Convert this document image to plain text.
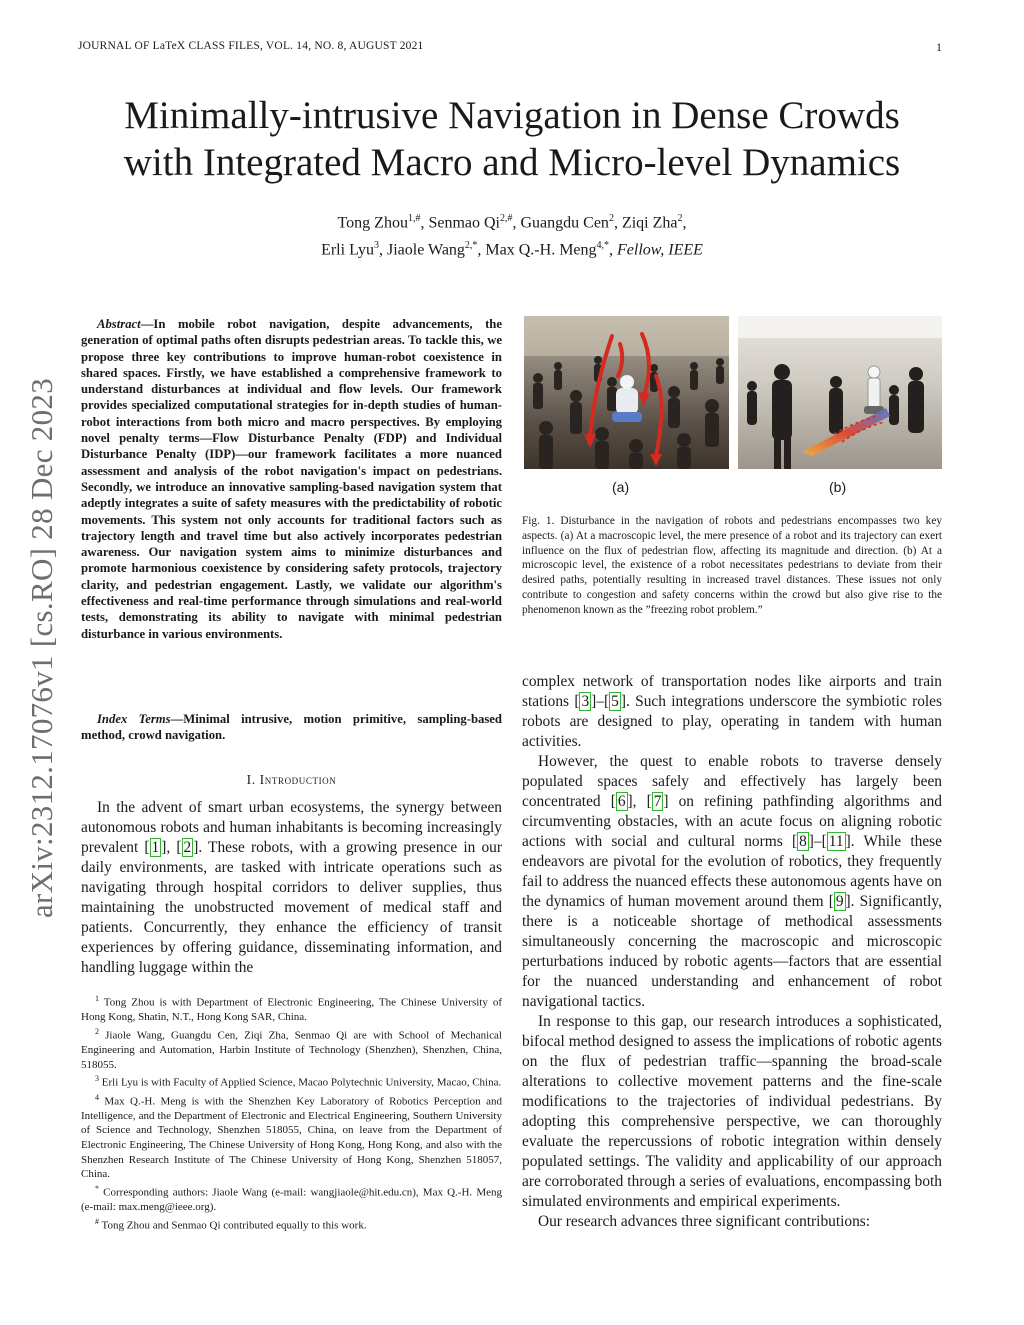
JOURNAL OF LaTeX CLASS FILES, VOL. 14, NO. 8, AUGUST 2021	1
arXiv:2312.17076v1 [cs.RO] 28 Dec 2023
Minimally-intrusive Navigation in Dense Crowds
with Integrated Macro and Micro-level Dynamics
Tong Zhou$^{1,\#}$, Senmao $Qi^{2,\#}$, Guangdu Cen$^2$, Ziqi Zha$^2$,
Erli Lyu$^3$, Jiaole Wang$^{2,*}$, Max Q.-H. Meng$^{4,*}$, Fellow, IEEE
Abstract—In mobile robot navigation, despite advancements, the generation of optimal paths often disrupts pedestrian areas. To tackle this, we propose three key contributions to improve human-robot coexistence in shared spaces. Firstly, we have established a comprehensive framework to understand disturbances at individual and flow levels. Our framework provides specialized computational strategies for in-depth studies of human-robot interactions from both micro and macro perspectives. By employing novel penalty terms—Flow Disturbance Penalty (FDP) and Individual Disturbance Penalty (IDP)—our framework facilitates a more nuanced assessment and analysis of the robot navigation's impact on pedestrians. Secondly, we introduce an innovative sampling-based navigation system that adeptly integrates a suite of safety measures with the predictability of robotic movements. This system not only accounts for traditional factors such as trajectory length and travel time but also actively incorporates pedestrian awareness. Our navigation system aims to minimize disturbances and promote harmonious coexistence by considering safety protocols, trajectory clarity, and pedestrian engagement. Lastly, we validate our algorithm's effectiveness and real-time performance through simulations and real-world tests, demonstrating its ability to navigate with minimal pedestrian disturbance in various environments.
Index Terms—Minimal intrusive, motion primitive, sampling-based method, crowd navigation.
I. Introduction
In the advent of smart urban ecosystems, the synergy between autonomous robots and human inhabitants is becoming increasingly prevalent [ 1 ], [ 2 ]. These robots, with a growing presence in our daily environments, are tasked with intricate operations such as navigating through hospital corridors to deliver supplies, thus maintaining the unobstructed movement of medical staff and patients. Concurrently, they enhance the efficiency of transit experiences by offering guidance, disseminating information, and handling luggage within the

$^1$ Tong Zhou is with Department of Electronic Engineering, The Chinese University of Hong Kong, Shatin, N.T., Hong Kong SAR, China.

$^2$ Jiaole Wang, Guangdu Cen, Ziqi Zha, Senmao Qi are with School of Mechanical Engineering and Automation, Harbin Institute of Technology (Shenzhen), Shenzhen, China, 518055.

$^3$ Erli Lyu is with Faculty of Applied Science, Macao Polytechnic University, Macao, China.

$^4$ Max Q.-H. Meng is with the Shenzhen Key Laboratory of Robotics Perception and Intelligence, and the Department of Electronic and Electrical Engineering, Southern University of Science and Technology, Shenzhen 518055, China, on leave from the Department of Electronic Engineering, The Chinese University of Hong Kong, Hong Kong, and also with the Shenzhen Research Institute of The Chinese University of Hong Kong, Shenzhen 518057, China.

* Corresponding authors: Jiaole Wang (e-mail: wangjiaole@hit.edu.cn), Max Q.-H. Meng (e-mail: max.meng@ieee.org).

# Tong Zhou and Senmao Qi contributed equally to this work.

(a)	(b)
Fig. 1. Disturbance in the navigation of robots and pedestrians encompasses two key aspects. (a) At a macroscopic level, the mere presence of a robot and its trajectory can exert influence on the flux of pedestrian flow, affecting its magnitude and direction. (b) At a microscopic level, the existence of a robot necessitates pedestrians to deviate from their desired paths, potentially resulting in increased travel distances. These issues not only contribute to congestion and safety concerns within the crowd but also give rise to the phenomenon known as the ”freezing robot problem.”

complex network of transportation nodes like airports and train stations [ 3 ]–[ 5 ]. Such integrations underscore the symbiotic roles robots are designed to play, operating in tandem with human activities.

However, the quest to enable robots to traverse densely populated spaces safely and effectively has largely been concentrated [ 6 ], [ 7 ] on refining pathfinding algorithms and circumventing obstacles, with an acute focus on aligning robotic actions with social and cultural norms [ 8 ]–[ 11 ]. While these endeavors are pivotal for the evolution of robotics, they frequently fail to address the nuanced effects these autonomous agents have on the dynamics of human movement around them [ 9 ]. Significantly, there is a noticeable shortage of methodical assessments simultaneously concerning the macroscopic and microscopic perturbations induced by robotic agents—factors that are essential for the nuanced understanding and enhancement of robot navigational tactics.

In response to this gap, our research introduces a sophisticated, bifocal method designed to assess the implications of robotic agents on the flux of pedestrian traffic—spanning the broad-scale alterations to collective movement patterns and the fine-scale modifications to the trajectories of individual pedestrians. By adopting this comprehensive perspective, we can thoroughly evaluate the repercussions of robotic integration within densely populated settings. The validity and applicability of our approach are corroborated through a series of evaluations, encompassing both simulated environments and empirical experiments.

Our research advances three significant contributions:
